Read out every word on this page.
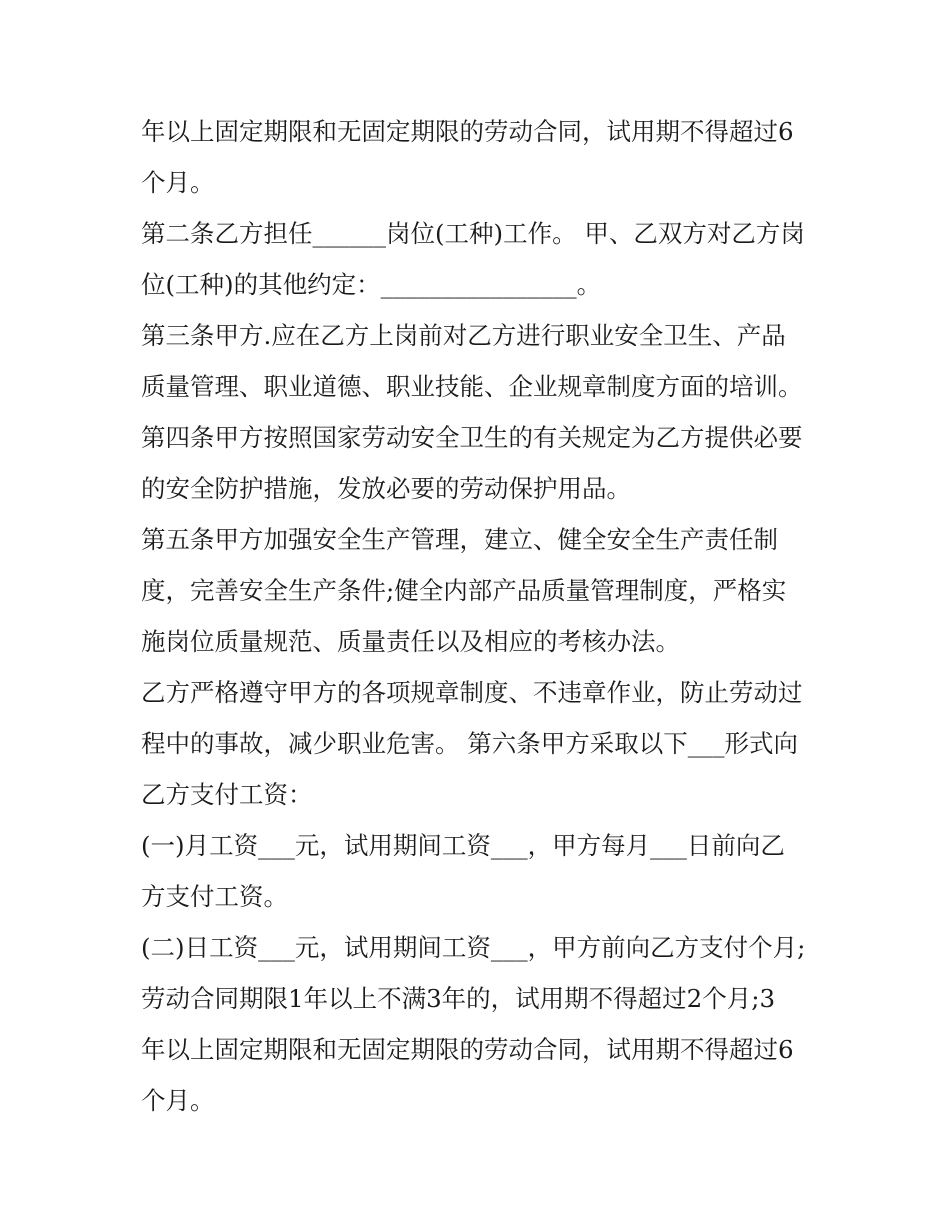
年以上固定期限和无固定期限的劳动合同，试用期不得超过6
个月。
第二条乙方担任______岗位(工种)工作。 甲、乙双方对乙方岗
位(工种)的其他约定：________________。
第三条甲方.应在乙方上岗前对乙方进行职业安全卫生、产品
质量管理、职业道德、职业技能、企业规章制度方面的培训。
第四条甲方按照国家劳动安全卫生的有关规定为乙方提供必要
的安全防护措施，发放必要的劳动保护用品。
第五条甲方加强安全生产管理，建立、健全安全生产责任制
度，完善安全生产条件;健全内部产品质量管理制度，严格实
施岗位质量规范、质量责任以及相应的考核办法。
乙方严格遵守甲方的各项规章制度、不违章作业，防止劳动过
程中的事故，减少职业危害。 第六条甲方采取以下___形式向
乙方支付工资：
(一)月工资___元，试用期间工资___，甲方每月___日前向乙
方支付工资。
(二)日工资___元，试用期间工资___，甲方前向乙方支付个月;
劳动合同期限1年以上不满3年的，试用期不得超过2个月;3
年以上固定期限和无固定期限的劳动合同，试用期不得超过6
个月。
